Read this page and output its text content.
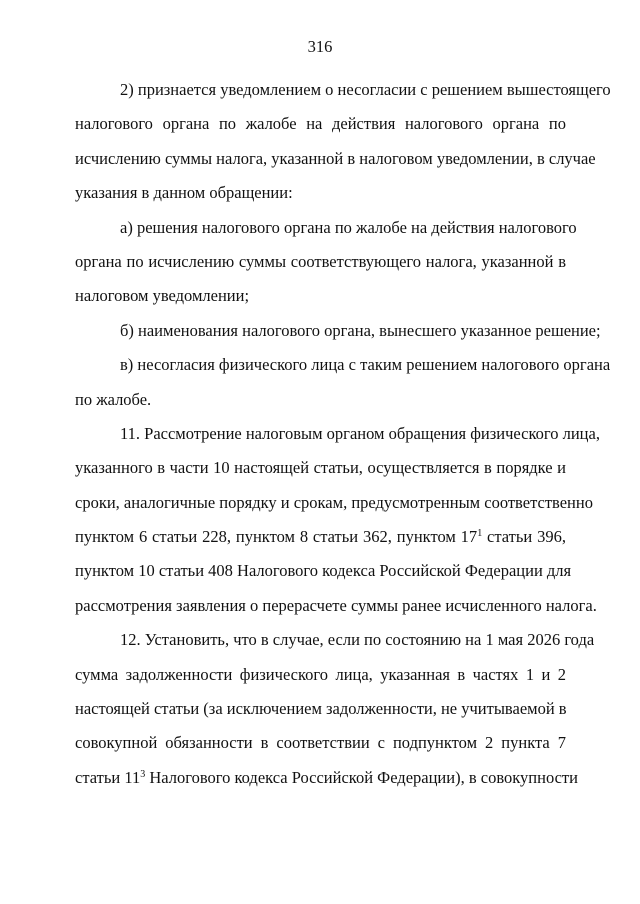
316
2) признается уведомлением о несогласии с решением вышестоящего
налогового органа по жалобе на действия налогового органа по
исчислению суммы налога, указанной в налоговом уведомлении, в случае
указания в данном обращении:
а) решения налогового органа по жалобе на действия налогового
органа по исчислению суммы соответствующего налога, указанной в
налоговом уведомлении;
б) наименования налогового органа, вынесшего указанное решение;
в) несогласия физического лица с таким решением налогового органа
по жалобе.
11. Рассмотрение налоговым органом обращения физического лица,
указанного в части 10 настоящей статьи, осуществляется в порядке и
сроки, аналогичные порядку и срокам, предусмотренным соответственно
пунктом 6 статьи 228, пунктом 8 статьи 362, пунктом $17^1$ статьи 396,
пунктом 10 статьи 408 Налогового кодекса Российской Федерации для
рассмотрения заявления о перерасчете суммы ранее исчисленного налога.
12. Установить, что в случае, если по состоянию на 1 мая 2026 года
сумма задолженности физического лица, указанная в частях 1 и 2
настоящей статьи (за исключением задолженности, не учитываемой в
совокупной обязанности в соответствии с подпунктом 2 пункта 7
статьи $11^3$ Налогового кодекса Российской Федерации), в совокупности
